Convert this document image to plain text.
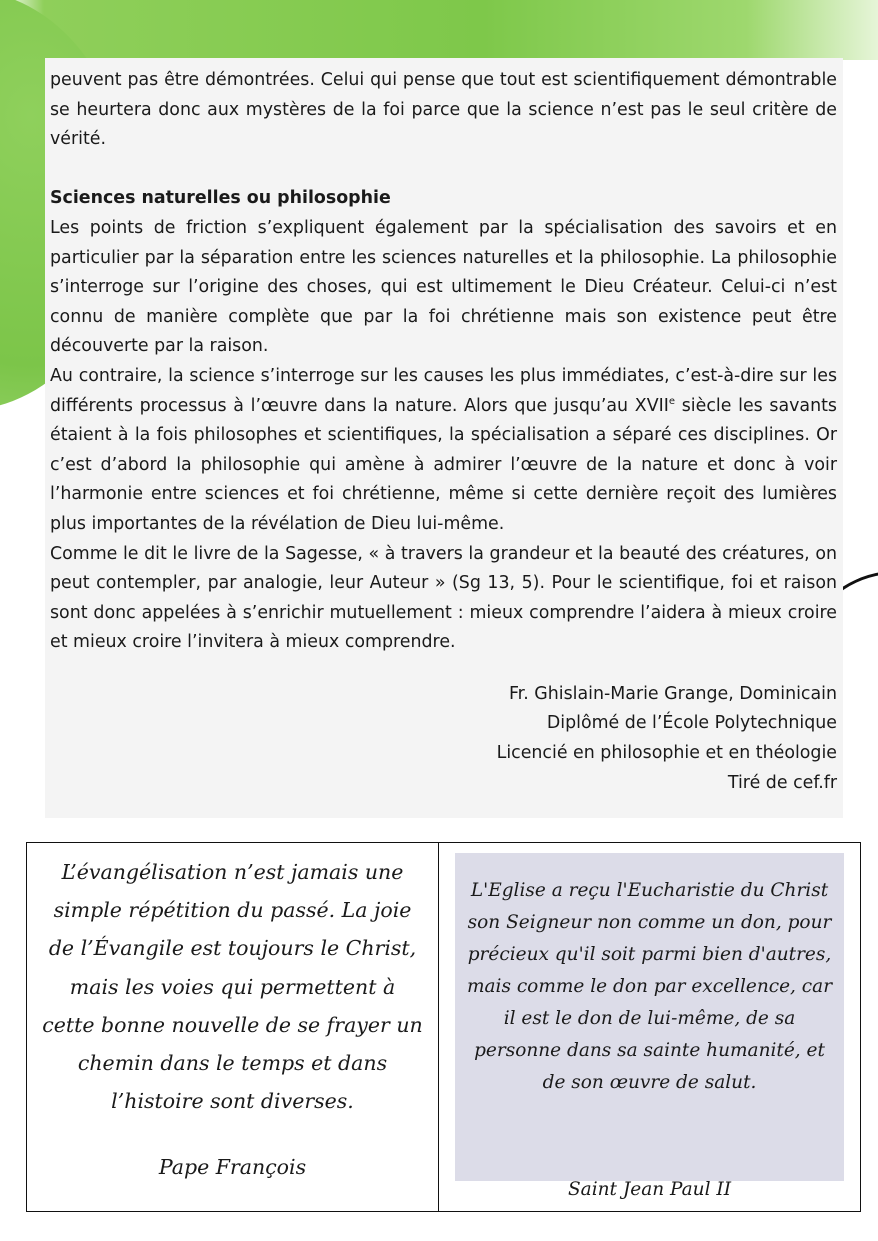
peuvent pas être démontrées. Celui qui pense que tout est scientifiquement démontrable se heurtera donc aux mystères de la foi parce que la science n’est pas le seul critère de vérité.

Sciences naturelles ou philosophie

Les points de friction s’expliquent également par la spécialisation des savoirs et en particulier par la séparation entre les sciences naturelles et la philosophie. La philosophie s’interroge sur l’origine des choses, qui est ultimement le Dieu Créateur. Celui-ci n’est connu de manière complète que par la foi chrétienne mais son existence peut être découverte par la raison.

Au contraire, la science s’interroge sur les causes les plus immédiates, c’est-à-dire sur les différents processus à l’œuvre dans la nature. Alors que jusqu’au XVIIe siècle les savants étaient à la fois philosophes et scientifiques, la spécialisation a séparé ces disciplines. Or c’est d’abord la philosophie qui amène à admirer l’œuvre de la nature et donc à voir l’harmonie entre sciences et foi chrétienne, même si cette dernière reçoit des lumières plus importantes de la révélation de Dieu lui-même.

Comme le dit le livre de la Sagesse, « à travers la grandeur et la beauté des créatures, on peut contempler, par analogie, leur Auteur » (Sg 13, 5). Pour le scientifique, foi et raison sont donc appelées à s’enrichir mutuellement : mieux comprendre l’aidera à mieux croire et mieux croire l’invitera à mieux comprendre.

Fr. Ghislain-Marie Grange, Dominicain
Diplômé de l’École Polytechnique
Licencié en philosophie et en théologie
Tiré de cef.fr

L’évangélisation n’est jamais une simple répétition du passé. La joie de l’Évangile est toujours le Christ, mais les voies qui permettent à cette bonne nouvelle de se frayer un chemin dans le temps et dans l’histoire sont diverses.

Pape François

L'Eglise a reçu l'Eucharistie du Christ son Seigneur non comme un don, pour précieux qu'il soit parmi bien d'autres, mais comme le don par excellence, car il est le don de lui-même, de sa personne dans sa sainte humanité, et de son œuvre de salut.

Saint Jean Paul II
